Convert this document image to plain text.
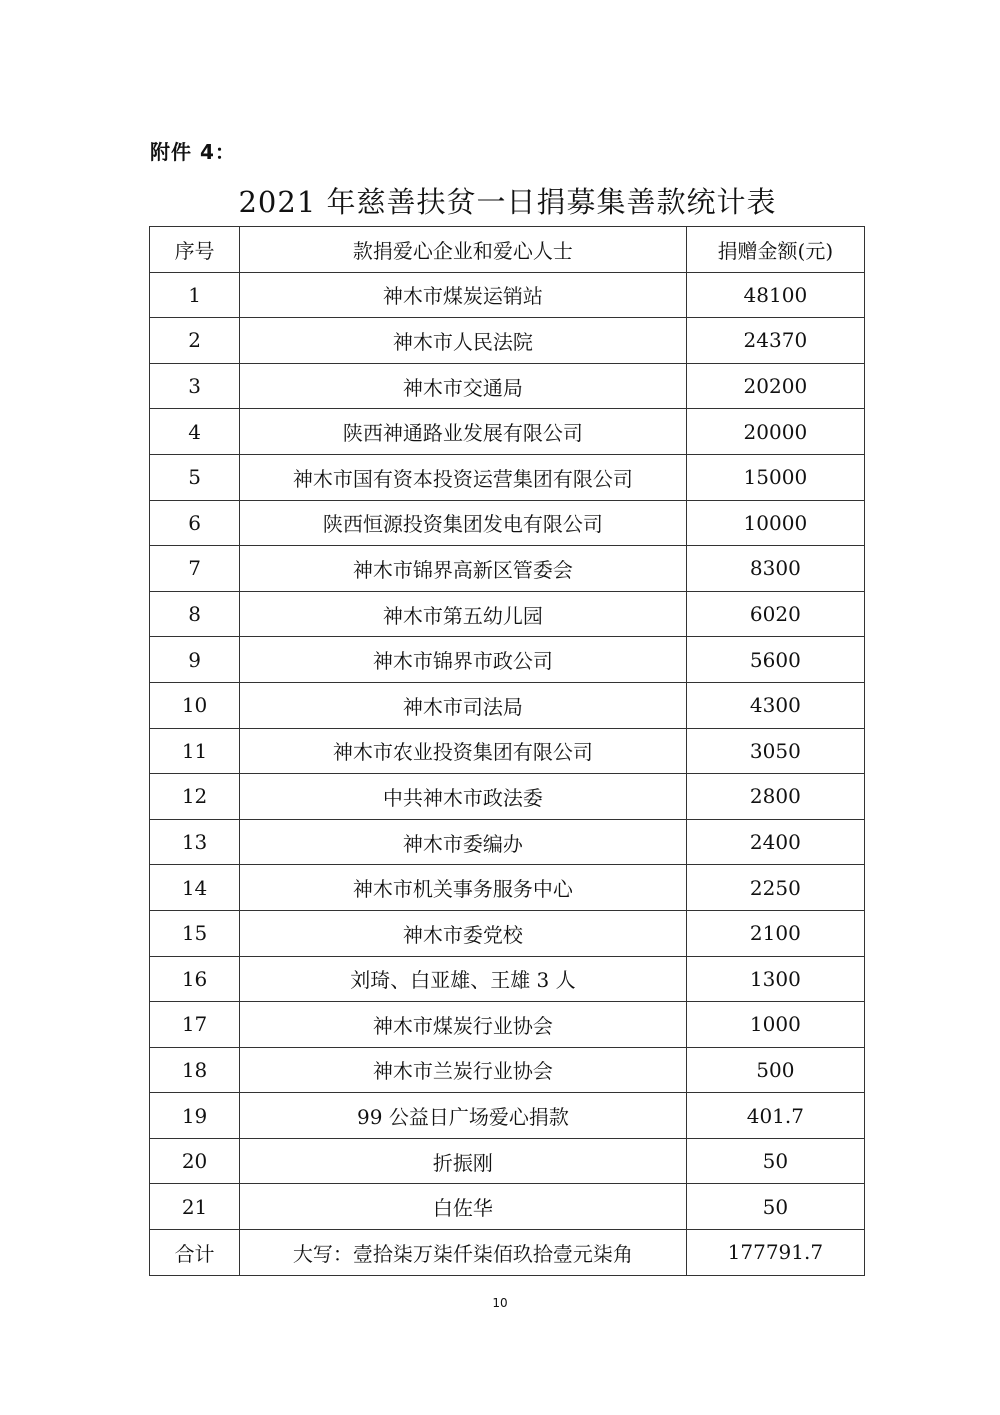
附件 4：
2021 年慈善扶贫一日捐募集善款统计表
序号	款捐爱心企业和爱心人士	捐赠金额(元)
1	神木市煤炭运销站	48100
2	神木市人民法院	24370
3	神木市交通局	20200
4	陕西神通路业发展有限公司	20000
5	神木市国有资本投资运营集团有限公司	15000
6	陕西恒源投资集团发电有限公司	10000
7	神木市锦界高新区管委会	8300
8	神木市第五幼儿园	6020
9	神木市锦界市政公司	5600
10	神木市司法局	4300
11	神木市农业投资集团有限公司	3050
12	中共神木市政法委	2800
13	神木市委编办	2400
14	神木市机关事务服务中心	2250
15	神木市委党校	2100
16	刘琦、白亚雄、王雄 3 人	1300
17	神木市煤炭行业协会	1000
18	神木市兰炭行业协会	500
19	99 公益日广场爱心捐款	401.7
20	折振刚	50
21	白佐华	50
合计	大写：壹拾柒万柒仟柒佰玖拾壹元柒角	177791.7
10
